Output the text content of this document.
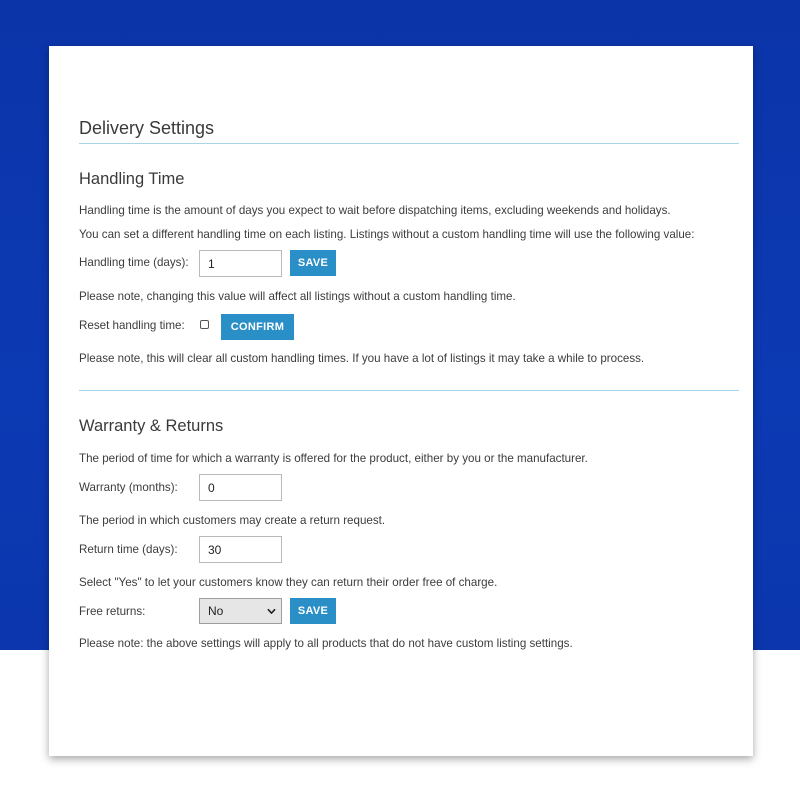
Delivery Settings
Handling Time
Handling time is the amount of days you expect to wait before dispatching items, excluding weekends and holidays.
You can set a different handling time on each listing. Listings without a custom handling time will use the following value:
Handling time (days):
1	SAVE
Please note, changing this value will affect all listings without a custom handling time.
Reset handling time:	CONFIRM
Please note, this will clear all custom handling times. If you have a lot of listings it may take a while to process.
Warranty & Returns
The period of time for which a warranty is offered for the product, either by you or the manufacturer.
Warranty (months):
0
The period in which customers may create a return request.
Return time (days):
30
Select "Yes" to let your customers know they can return their order free of charge.
Free returns:	No	SAVE
Please note: the above settings will apply to all products that do not have custom listing settings.
